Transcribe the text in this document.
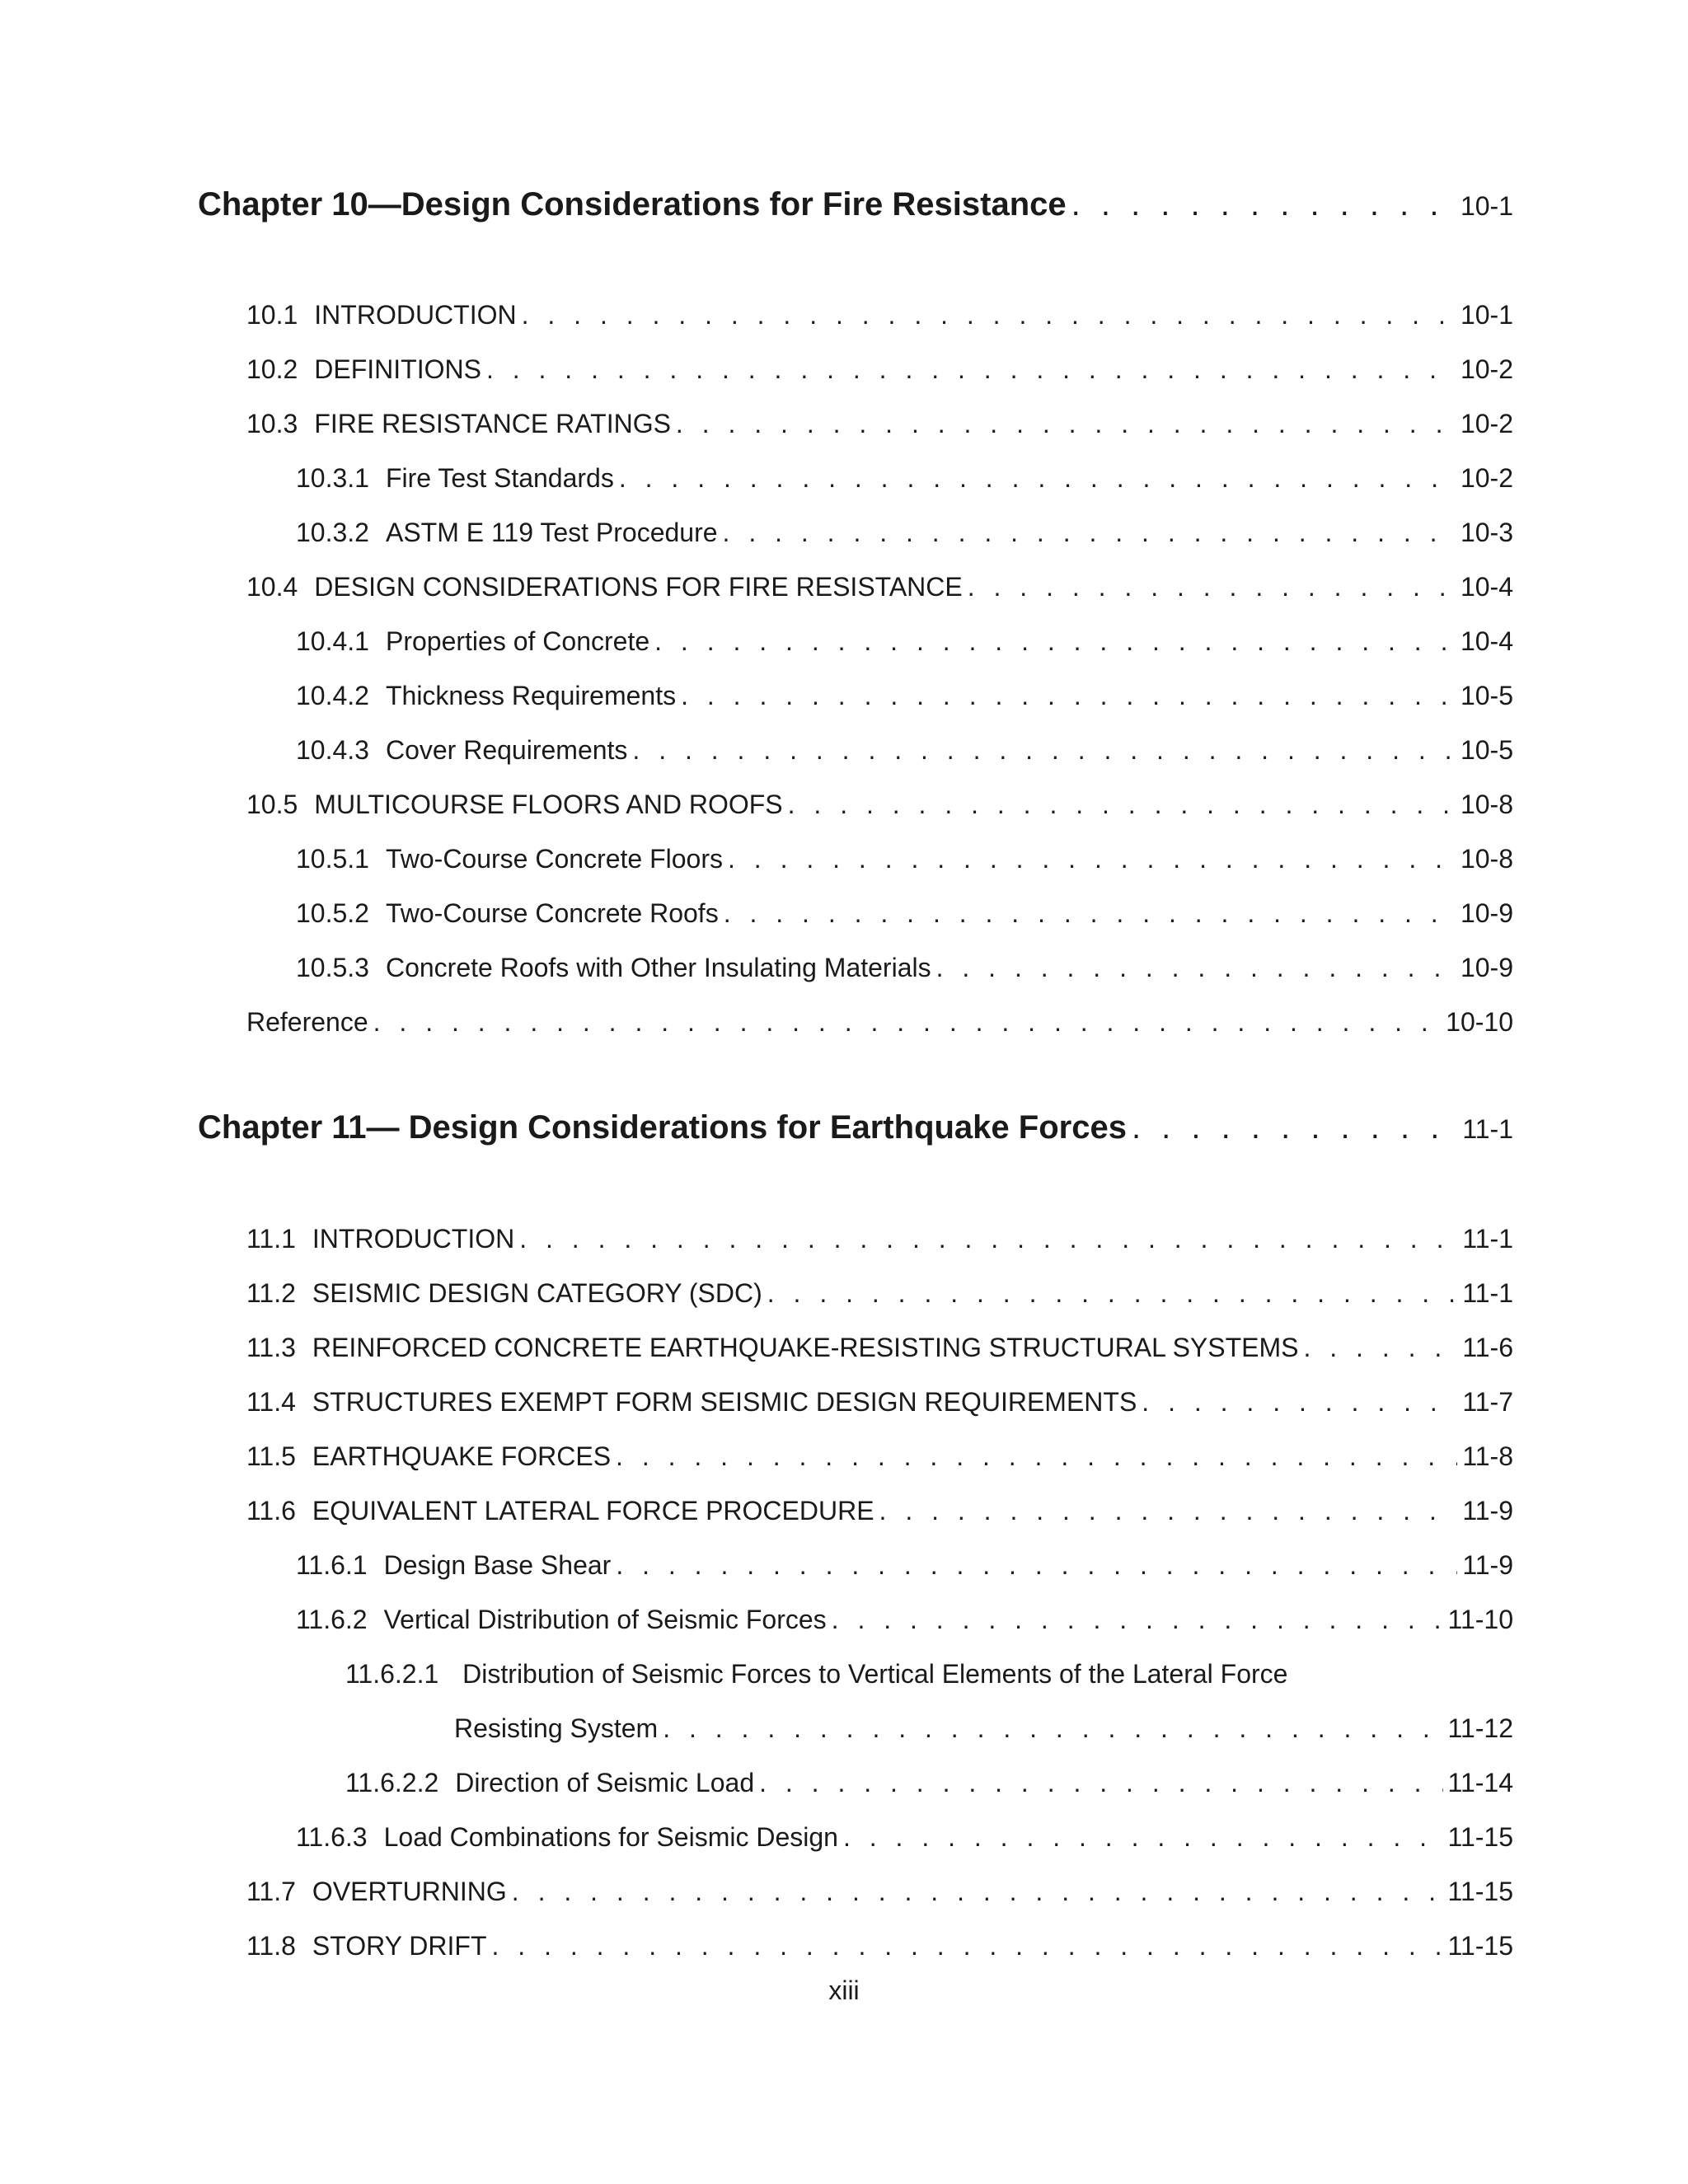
Chapter 10—Design Considerations for Fire Resistance . . .	10-1
10.1 INTRODUCTION . . .	10-1
10.2 DEFINITIONS . . .	10-2
10.3 FIRE RESISTANCE RATINGS . . .	10-2
10.3.1 Fire Test Standards . . .	10-2
10.3.2 ASTM E 119 Test Procedure . . .	10-3
10.4 DESIGN CONSIDERATIONS FOR FIRE RESISTANCE . . .	10-4
10.4.1 Properties of Concrete . . .	10-4
10.4.2 Thickness Requirements . . .	10-5
10.4.3 Cover Requirements . . .	10-5
10.5 MULTICOURSE FLOORS AND ROOFS . . .	10-8
10.5.1 Two-Course Concrete Floors . . .	10-8
10.5.2 Two-Course Concrete Roofs . . .	10-9
10.5.3 Concrete Roofs with Other Insulating Materials . . .	10-9
Reference . . .	10-10
Chapter 11— Design Considerations for Earthquake Forces . . .	11-1
11.1 INTRODUCTION . . .	11-1
11.2 SEISMIC DESIGN CATEGORY (SDC) . . .	11-1
11.3 REINFORCED CONCRETE EARTHQUAKE-RESISTING STRUCTURAL SYSTEMS . . .	11-6
11.4 STRUCTURES EXEMPT FORM SEISMIC DESIGN REQUIREMENTS . . .	11-7
11.5 EARTHQUAKE FORCES . . .	11-8
11.6 EQUIVALENT LATERAL FORCE PROCEDURE . . .	11-9
11.6.1 Design Base Shear . . .	11-9
11.6.2 Vertical Distribution of Seismic Forces . . .	11-10
11.6.2.1 Distribution of Seismic Forces to Vertical Elements of the Lateral Force
Resisting System . . .	11-12
11.6.2.2 Direction of Seismic Load . . .	11-14
11.6.3 Load Combinations for Seismic Design . . .	11-15
11.7 OVERTURNING . . .	11-15
11.8 STORY DRIFT . . .	11-15
xiii
